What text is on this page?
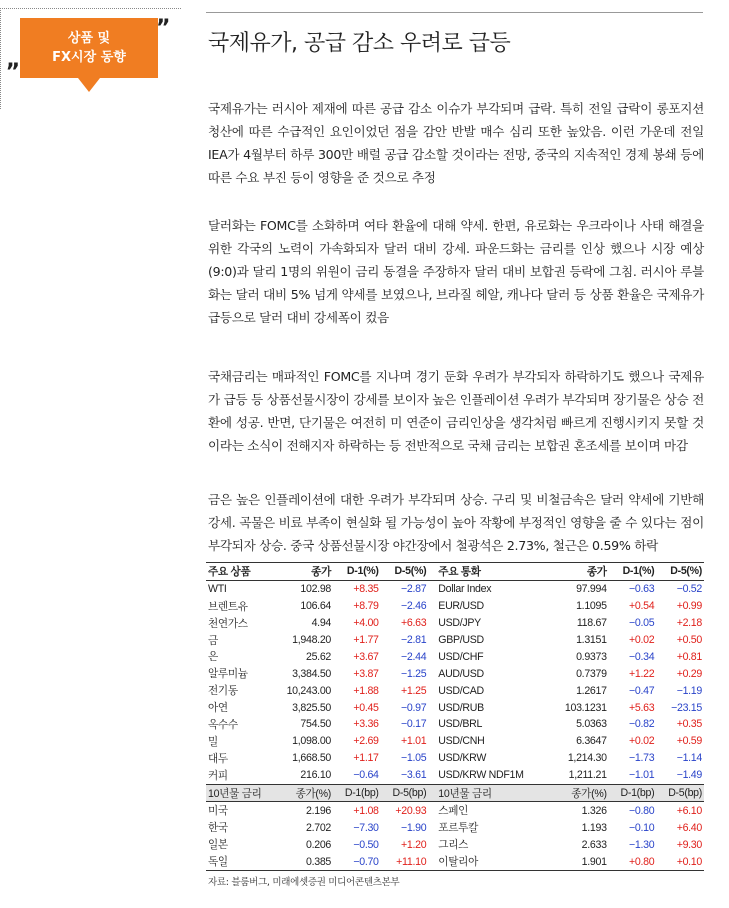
상품 및
FX시장 동향
„
”
국제유가, 공급 감소 우려로 급등
국제유가는 러시아 제재에 따른 공급 감소 이슈가 부각되며 급락. 특히 전일 급락이 롱포지션 청산에 따른 수급적인 요인이었던 점을 감안 반발 매수 심리 또한 높았음. 이런 가운데 전일 IEA가 4월부터 하루 300만 배럴 공급 감소할 것이라는 전망, 중국의 지속적인 경제 봉쇄 등에 따른 수요 부진 등이 영향을 준 것으로 추정
달러화는 FOMC를 소화하며 여타 환율에 대해 약세. 한편, 유로화는 우크라이나 사태 해결을 위한 각국의 노력이 가속화되자 달러 대비 강세. 파운드화는 금리를 인상 했으나 시장 예상(9:0)과 달리 1명의 위원이 금리 동결을 주장하자 달러 대비 보합권 등락에 그침. 러시아 루블화는 달러 대비 5% 넘게 약세를 보였으나, 브라질 헤알, 캐나다 달러 등 상품 환율은 국제유가 급등으로 달러 대비 강세폭이 컸음
국채금리는 매파적인 FOMC를 지나며 경기 둔화 우려가 부각되자 하락하기도 했으나 국제유가 급등 등 상품선물시장이 강세를 보이자 높은 인플레이션 우려가 부각되며 장기물은 상승 전환에 성공. 반면, 단기물은 여전히 미 연준이 금리인상을 생각처럼 빠르게 진행시키지 못할 것이라는 소식이 전해지자 하락하는 등 전반적으로 국채 금리는 보합권 혼조세를 보이며 마감
금은 높은 인플레이션에 대한 우려가 부각되며 상승. 구리 및 비철금속은 달러 약세에 기반해 강세. 곡물은 비료 부족이 현실화 될 가능성이 높아 작황에 부정적인 영향을 줄 수 있다는 점이 부각되자 상승. 중국 상품선물시장 야간장에서 철광석은 2.73%, 철근은 0.59% 하락
주요 상품	종가	D-1(%)	D-5(%)	주요 통화	종가	D-1(%)	D-5(%)
WTI	102.98	+8.35	−2.87	Dollar Index	97.994	−0.63	−0.52
브렌트유	106.64	+8.79	−2.46	EUR/USD	1.1095	+0.54	+0.99
천연가스	4.94	+4.00	+6.63	USD/JPY	118.67	−0.05	+2.18
금	1,948.20	+1.77	−2.81	GBP/USD	1.3151	+0.02	+0.50
은	25.62	+3.67	−2.44	USD/CHF	0.9373	−0.34	+0.81
알루미늄	3,384.50	+3.87	−1.25	AUD/USD	0.7379	+1.22	+0.29
전기동	10,243.00	+1.88	+1.25	USD/CAD	1.2617	−0.47	−1.19
아연	3,825.50	+0.45	−0.97	USD/RUB	103.1231	+5.63	−23.15
옥수수	754.50	+3.36	−0.17	USD/BRL	5.0363	−0.82	+0.35
밀	1,098.00	+2.69	+1.01	USD/CNH	6.3647	+0.02	+0.59
대두	1,668.50	+1.17	−1.05	USD/KRW	1,214.30	−1.73	−1.14
커피	216.10	−0.64	−3.61	USD/KRW NDF1M	1,211.21	−1.01	−1.49
10년물 금리	종가(%)	D-1(bp)	D-5(bp)	10년물 금리	종가(%)	D-1(bp)	D-5(bp)
미국	2.196	+1.08	+20.93	스페인	1.326	−0.80	+6.10
한국	2.702	−7.30	−1.90	포르투칼	1.193	−0.10	+6.40
일본	0.206	−0.50	+1.20	그리스	2.633	−1.30	+9.30
독일	0.385	−0.70	+11.10	이탈리아	1.901	+0.80	+0.10
자료: 블룸버그, 미래에셋증권 미디어콘텐츠본부
